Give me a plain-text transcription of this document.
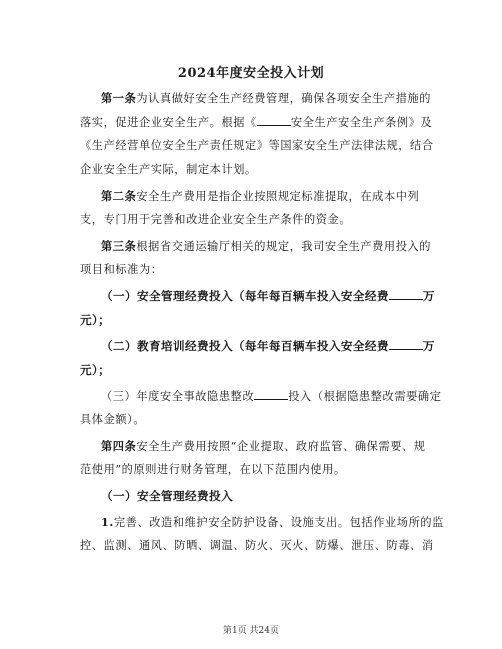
2024年度安全投入计划
第一条为认真做好安全生产经费管理，确保各项安全生产措施的
落实，促进企业安全生产。根据《	安全生产安全生产条例》及
《生产经营单位安全生产责任规定》等国家安全生产法律法规，结合
企业安全生产实际，制定本计划。
第二条安全生产费用是指企业按照规定标准提取，在成本中列
支，专门用于完善和改进企业安全生产条件的资金。
第三条根据省交通运输厅相关的规定，我司安全生产费用投入的
项目和标准为：
（一）安全管理经费投入（每年每百辆车投入安全经费	万
元）；
（二）教育培训经费投入（每年每百辆车投入安全经费	万
元）；
（三）年度安全事故隐患整改	投入（根据隐患整改需要确定
具体金额）。
第四条安全生产费用按照“企业提取、政府监管、确保需要、规
范使用”的原则进行财务管理，在以下范围内使用。
（一）安全管理经费投入
1.完善、改造和维护安全防护设备、设施支出。包括作业场所的监
控、监测、通风、防晒、调温、防火、灭火、防爆、泄压、防毒、消
第1页 共24页
